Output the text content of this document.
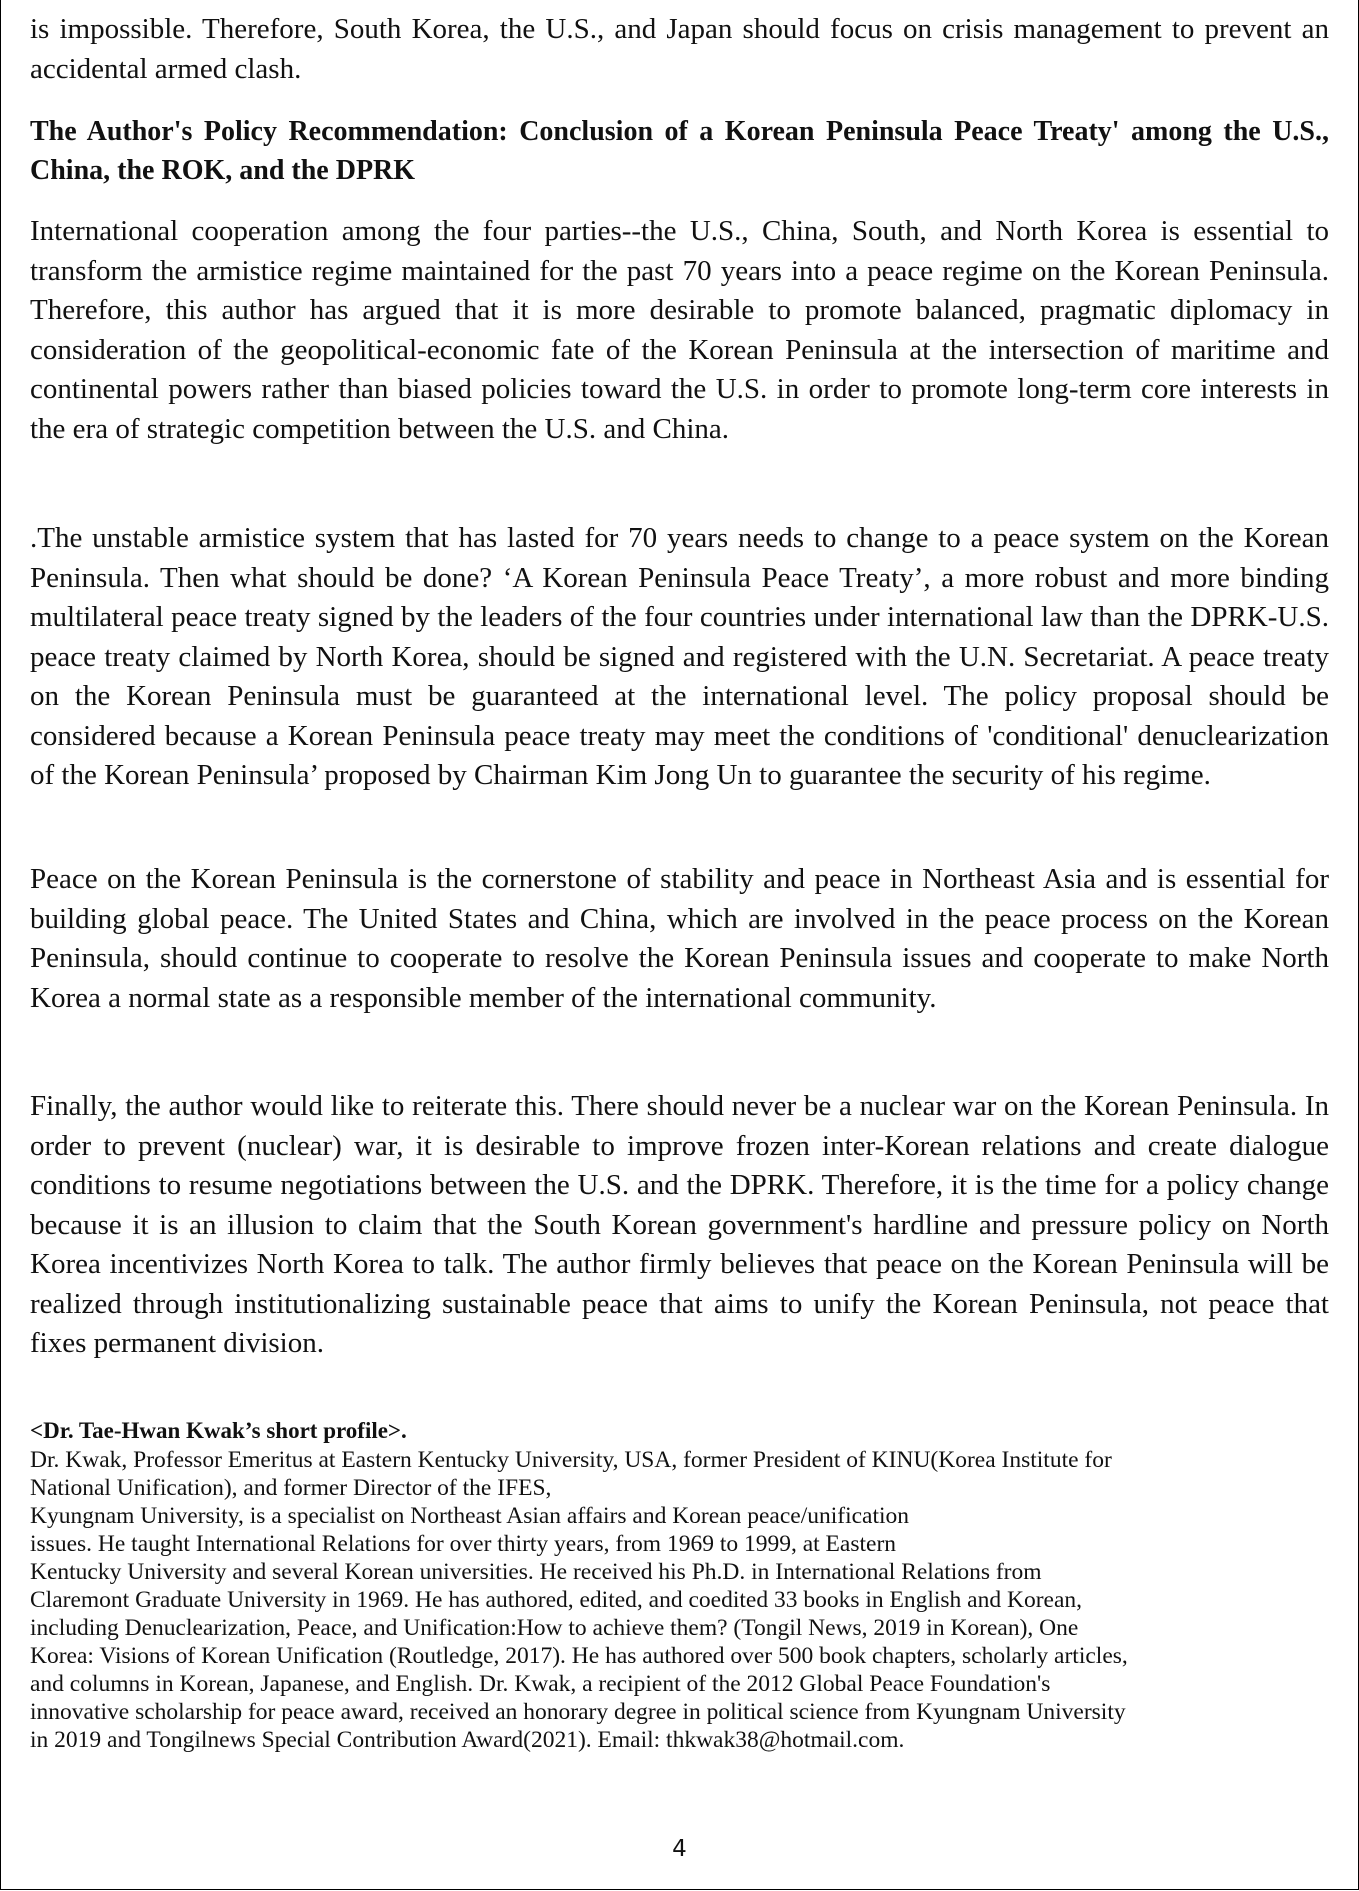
is impossible. Therefore, South Korea, the U.S., and Japan should focus on crisis management to prevent an accidental armed clash.

The Author's Policy Recommendation: Conclusion of a Korean Peninsula Peace Treaty' among the U.S., China, the ROK, and the DPRK

International cooperation among the four parties--the U.S., China, South, and North Korea is essential to transform the armistice regime maintained for the past 70 years into a peace regime on the Korean Peninsula. Therefore, this author has argued that it is more desirable to promote balanced, pragmatic diplomacy in consideration of the geopolitical-economic fate of the Korean Peninsula at the intersection of maritime and continental powers rather than biased policies toward the U.S. in order to promote long-term core interests in the era of strategic competition between the U.S. and China.

.The unstable armistice system that has lasted for 70 years needs to change to a peace system on the Korean Peninsula. Then what should be done? ‘A Korean Peninsula Peace Treaty’, a more robust and more binding multilateral peace treaty signed by the leaders of the four countries under international law than the DPRK-U.S. peace treaty claimed by North Korea, should be signed and registered with the U.N. Secretariat. A peace treaty on the Korean Peninsula must be guaranteed at the international level. The policy proposal should be considered because a Korean Peninsula peace treaty may meet the conditions of 'conditional' denuclearization of the Korean Peninsula’ proposed by Chairman Kim Jong Un to guarantee the security of his regime.

Peace on the Korean Peninsula is the cornerstone of stability and peace in Northeast Asia and is essential for building global peace. The United States and China, which are involved in the peace process on the Korean Peninsula, should continue to cooperate to resolve the Korean Peninsula issues and cooperate to make North Korea a normal state as a responsible member of the international community.

Finally, the author would like to reiterate this. There should never be a nuclear war on the Korean Peninsula. In order to prevent (nuclear) war, it is desirable to improve frozen inter-Korean relations and create dialogue conditions to resume negotiations between the U.S. and the DPRK. Therefore, it is the time for a policy change because it is an illusion to claim that the South Korean government's hardline and pressure policy on North Korea incentivizes North Korea to talk. The author firmly believes that peace on the Korean Peninsula will be realized through institutionalizing sustainable peace that aims to unify the Korean Peninsula, not peace that fixes permanent division.

<Dr. Tae-Hwan Kwak’s short profile>.

Dr. Kwak, Professor Emeritus at Eastern Kentucky University, USA, former President of KINU(Korea Institute for

National Unification), and former Director of the IFES,

Kyungnam University, is a specialist on Northeast Asian affairs and Korean peace/unification

issues. He taught International Relations for over thirty years, from 1969 to 1999, at Eastern

Kentucky University and several Korean universities. He received his Ph.D. in International Relations from

Claremont Graduate University in 1969. He has authored, edited, and coedited 33 books in English and Korean,

including Denuclearization, Peace, and Unification:How to achieve them? (Tongil News, 2019 in Korean), One

Korea: Visions of Korean Unification (Routledge, 2017). He has authored over 500 book chapters, scholarly articles,

and columns in Korean, Japanese, and English. Dr. Kwak, a recipient of the 2012 Global Peace Foundation's

innovative scholarship for peace award, received an honorary degree in political science from Kyungnam University

in 2019 and Tongilnews Special Contribution Award(2021). Email: thkwak38@hotmail.com.

4
